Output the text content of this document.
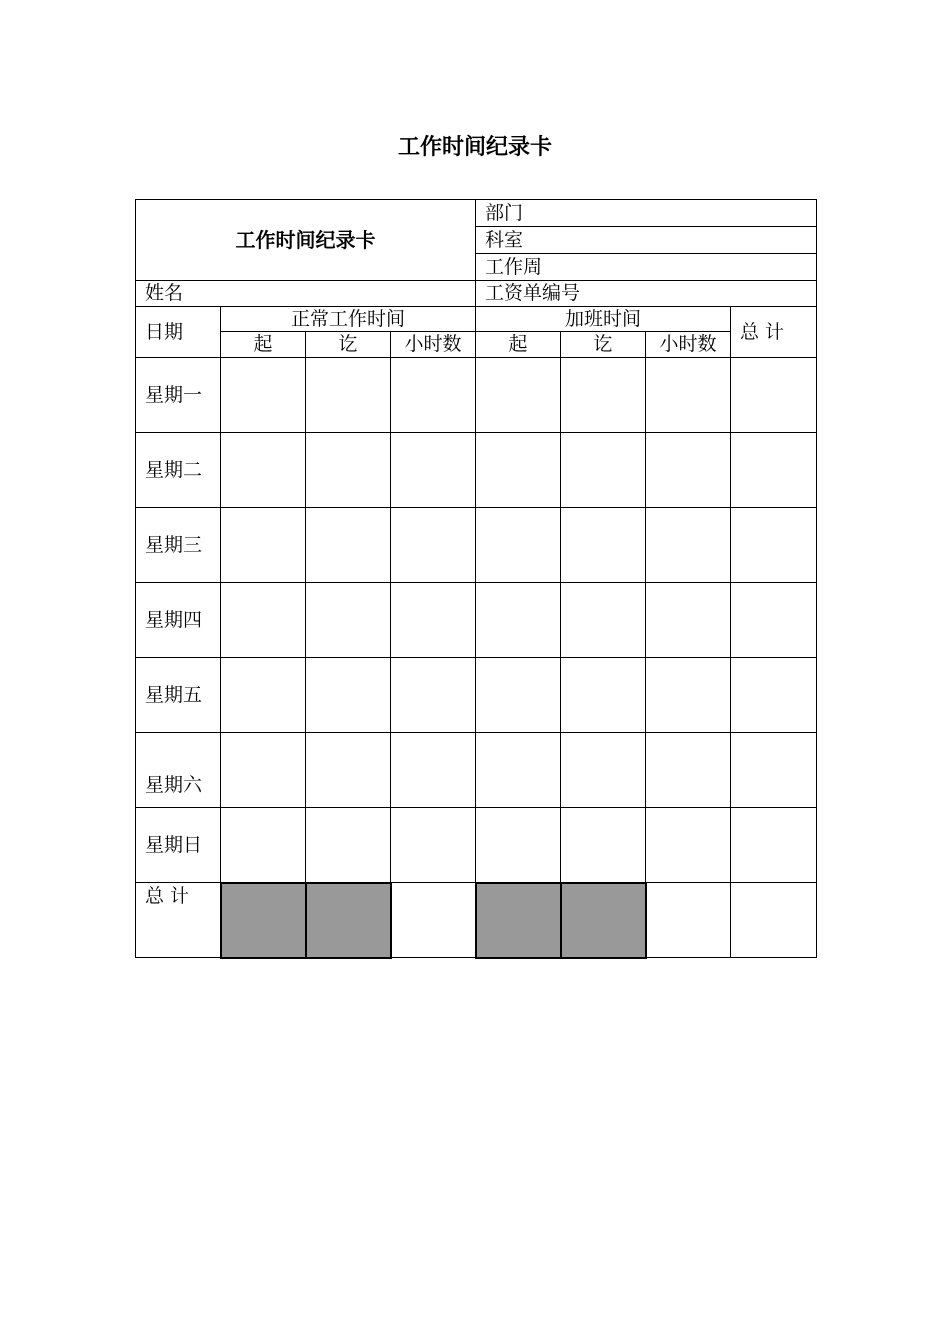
工作时间纪录卡
工作时间纪录卡				部门			
				科室			
				工作周			
姓名				工资单编号			
日期	正常工作时间			加班时间			总 计
	起	讫	小时数	起	讫	小时数	
星期一							
星期二							
星期三							
星期四							
星期五							
星期六							
星期日							
总 计							
